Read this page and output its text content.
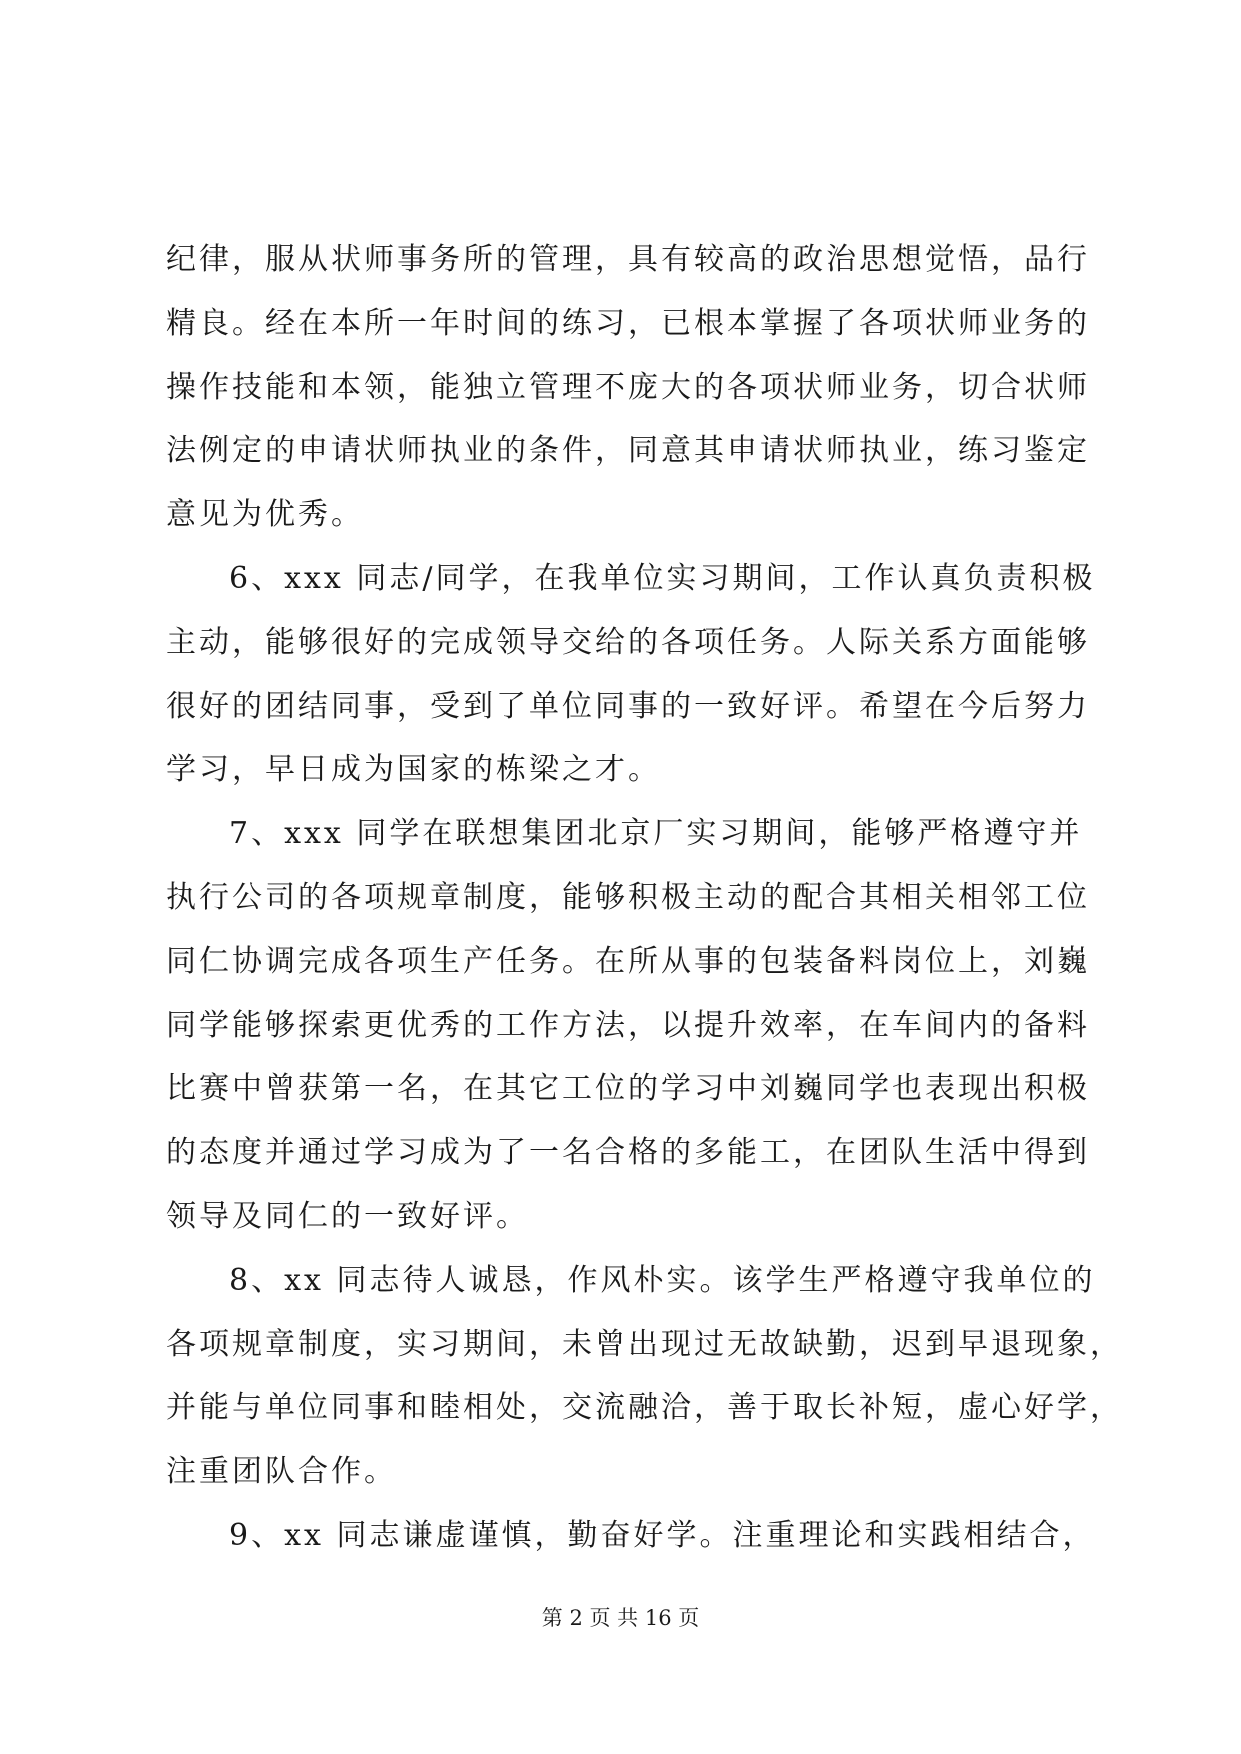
纪律，服从状师事务所的管理，具有较高的政治思想觉悟，品行
精良。经在本所一年时间的练习，已根本掌握了各项状师业务的
操作技能和本领，能独立管理不庞大的各项状师业务，切合状师
法例定的申请状师执业的条件，同意其申请状师执业，练习鉴定
意见为优秀。
6、xxx 同志/同学，在我单位实习期间，工作认真负责积极
主动，能够很好的完成领导交给的各项任务。人际关系方面能够
很好的团结同事，受到了单位同事的一致好评。希望在今后努力
学习，早日成为国家的栋梁之才。
7、xxx 同学在联想集团北京厂实习期间，能够严格遵守并
执行公司的各项规章制度，能够积极主动的配合其相关相邻工位
同仁协调完成各项生产任务。在所从事的包装备料岗位上，刘巍
同学能够探索更优秀的工作方法，以提升效率，在车间内的备料
比赛中曾获第一名，在其它工位的学习中刘巍同学也表现出积极
的态度并通过学习成为了一名合格的多能工，在团队生活中得到
领导及同仁的一致好评。
8、xx 同志待人诚恳，作风朴实。该学生严格遵守我单位的
各项规章制度，实习期间，未曾出现过无故缺勤，迟到早退现象，
并能与单位同事和睦相处，交流融洽，善于取长补短，虚心好学，
注重团队合作。
9、xx 同志谦虚谨慎，勤奋好学。注重理论和实践相结合，
第 2 页 共 16 页
